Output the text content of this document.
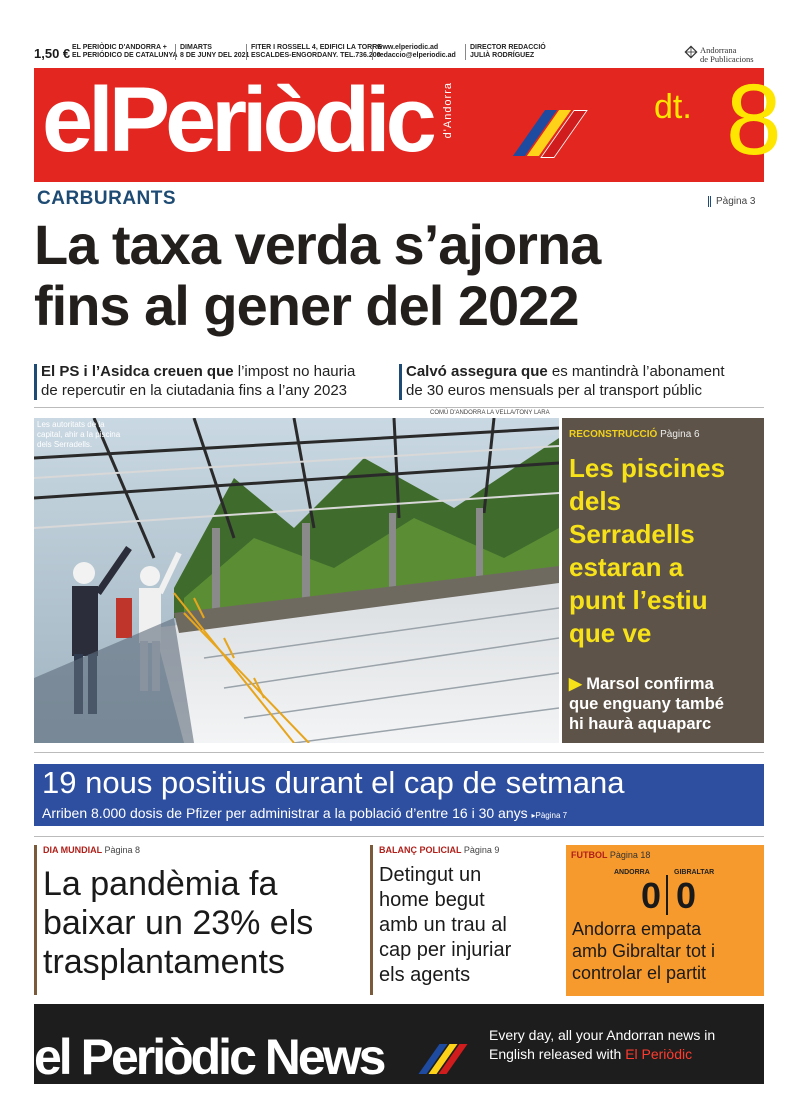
1,50 € EL PERIÒDIC D'ANDORRA +
EL PERIÓDICO DE CATALUNYA
DIMARTS
8 DE JUNY DEL 2021
FITER I ROSSELL 4, EDIFICI LA TORRE
ESCALDES-ENGORDANY. TEL.736.200
www.elperiodic.ad
redaccio@elperiodic.ad
DIRECTOR REDACCIÓ
JULIÀ RODRÍGUEZ
Andorrana
de Publicacions
elPeriòdic d'Andorra	dt. 8
CARBURANTS	Pàgina 3
La taxa verda s’ajorna
fins al gener del 2022
El PS i l’Asidca creuen que l’impost no hauria
de repercutir en la ciutadania fins a l’any 2023
Calvó assegura que es mantindrà l’abonament
de 30 euros mensuals per al transport públic
COMÚ D'ANDORRA LA VELLA/TONY LARA
Les autoritats de la
capital, ahir a la piscina
dels Serradells.
RECONSTRUCCIÓ Pàgina 6
Les piscines
dels
Serradells
estaran a
punt l’estiu
que ve
▶ Marsol confirma
que enguany també
hi haurà aquaparc
19 nous positius durant el cap de setmana
Arriben 8.000 dosis de Pfizer per administrar a la població d’entre 16 i 30 anys ▸Pàgina 7
DIA MUNDIAL Pàgina 8
La pandèmia fa
baixar un 23% els
trasplantaments
BALANÇ POLICIAL Pàgina 9
Detingut un
home begut
amb un trau al
cap per injuriar
els agents
FUTBOL Pàgina 18
ANDORRA	GIBRALTAR
0 0
Andorra empata
amb Gibraltar tot i
controlar el partit
el Periòdic News	Every day, all your Andorran news in
English released with El Periòdic
